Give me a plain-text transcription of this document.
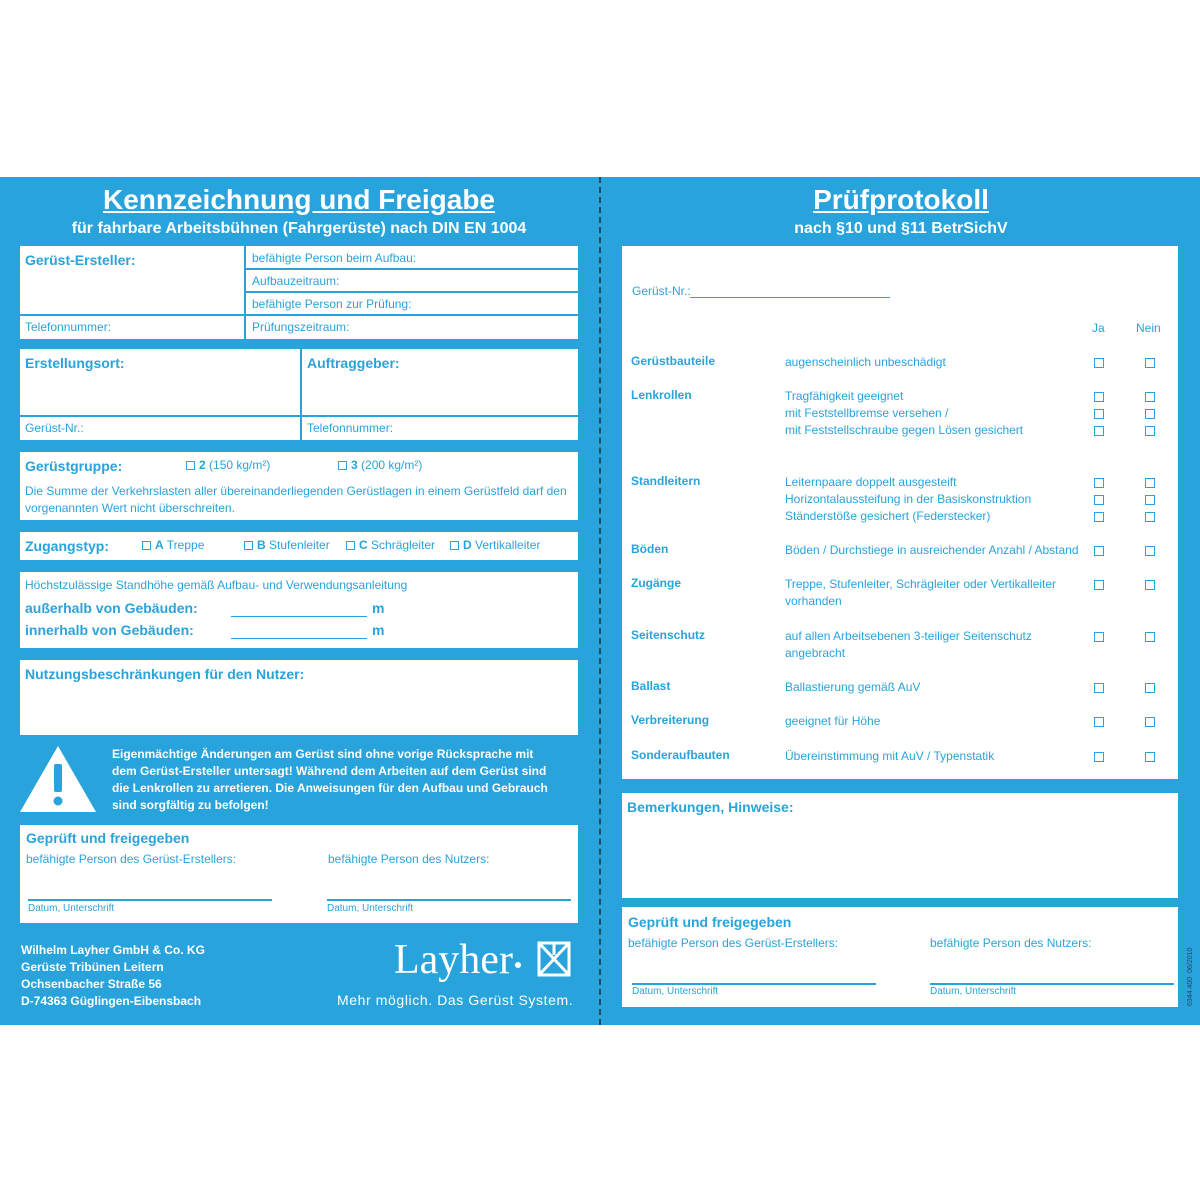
Kennzeichnung und Freigabe
für fahrbare Arbeitsbühnen (Fahrgerüste) nach DIN EN 1004
Gerüst-Ersteller:	befähigte Person beim Aufbau:
Aufbauzeitraum:
befähigte Person zur Prüfung:
Telefonnummer:	Prüfungszeitraum:
Erstellungsort:	Auftraggeber:
Gerüst-Nr.:	Telefonnummer:
Gerüstgruppe:	2 (150 kg/m²)	3 (200 kg/m²)
Die Summe der Verkehrslasten aller übereinanderliegenden Gerüstlagen in einem Gerüstfeld darf den vorgenannten Wert nicht überschreiten.
Zugangstyp:	A Treppe	B Stufenleiter	C Schrägleiter	D Vertikalleiter
Höchstzulässige Standhöhe gemäß Aufbau- und Verwendungsanleitung
außerhalb von Gebäuden:	m
innerhalb von Gebäuden:	m
Nutzungsbeschränkungen für den Nutzer:
Eigenmächtige Änderungen am Gerüst sind ohne vorige Rücksprache mit dem Gerüst-Ersteller untersagt! Während dem Arbeiten auf dem Gerüst sind die Lenkrollen zu arretieren. Die Anweisungen für den Aufbau und Gebrauch sind sorgfältig zu befolgen!
Geprüft und freigegeben
befähigte Person des Gerüst-Erstellers:	befähigte Person des Nutzers:
Datum, Unterschrift	Datum, Unterschrift
Wilhelm Layher GmbH & Co. KG
Gerüste Tribünen Leitern
Ochsenbacher Straße 56
D-74363 Güglingen-Eibensbach
Layher
Mehr möglich. Das Gerüst System.
Prüfprotokoll
nach §10 und §11 BetrSichV
Gerüst-Nr.:
Ja	Nein
Gerüstbauteile	augenscheinlich unbeschädigt
Lenkrollen	Tragfähigkeit geeignet
mit Feststellbremse versehen /
mit Feststellschraube gegen Lösen gesichert
Standleitern	Leiternpaare doppelt ausgesteift
Horizontalaussteifung in der Basiskonstruktion
Ständerstöße gesichert (Federstecker)
Böden	Böden / Durchstiege in ausreichender Anzahl / Abstand
Zugänge	Treppe, Stufenleiter, Schrägleiter oder Vertikalleiter vorhanden
Seitenschutz	auf allen Arbeitsebenen 3-teiliger Seitenschutz angebracht
Ballast	Ballastierung gemäß AuV
Verbreiterung	geeignet für Höhe
Sonderaufbauten	Übereinstimmung mit AuV / Typenstatik
Bemerkungen, Hinweise:
Geprüft und freigegeben
befähigte Person des Gerüst-Erstellers:	befähigte Person des Nutzers:
Datum, Unterschrift	Datum, Unterschrift	6344.400  06/2010
